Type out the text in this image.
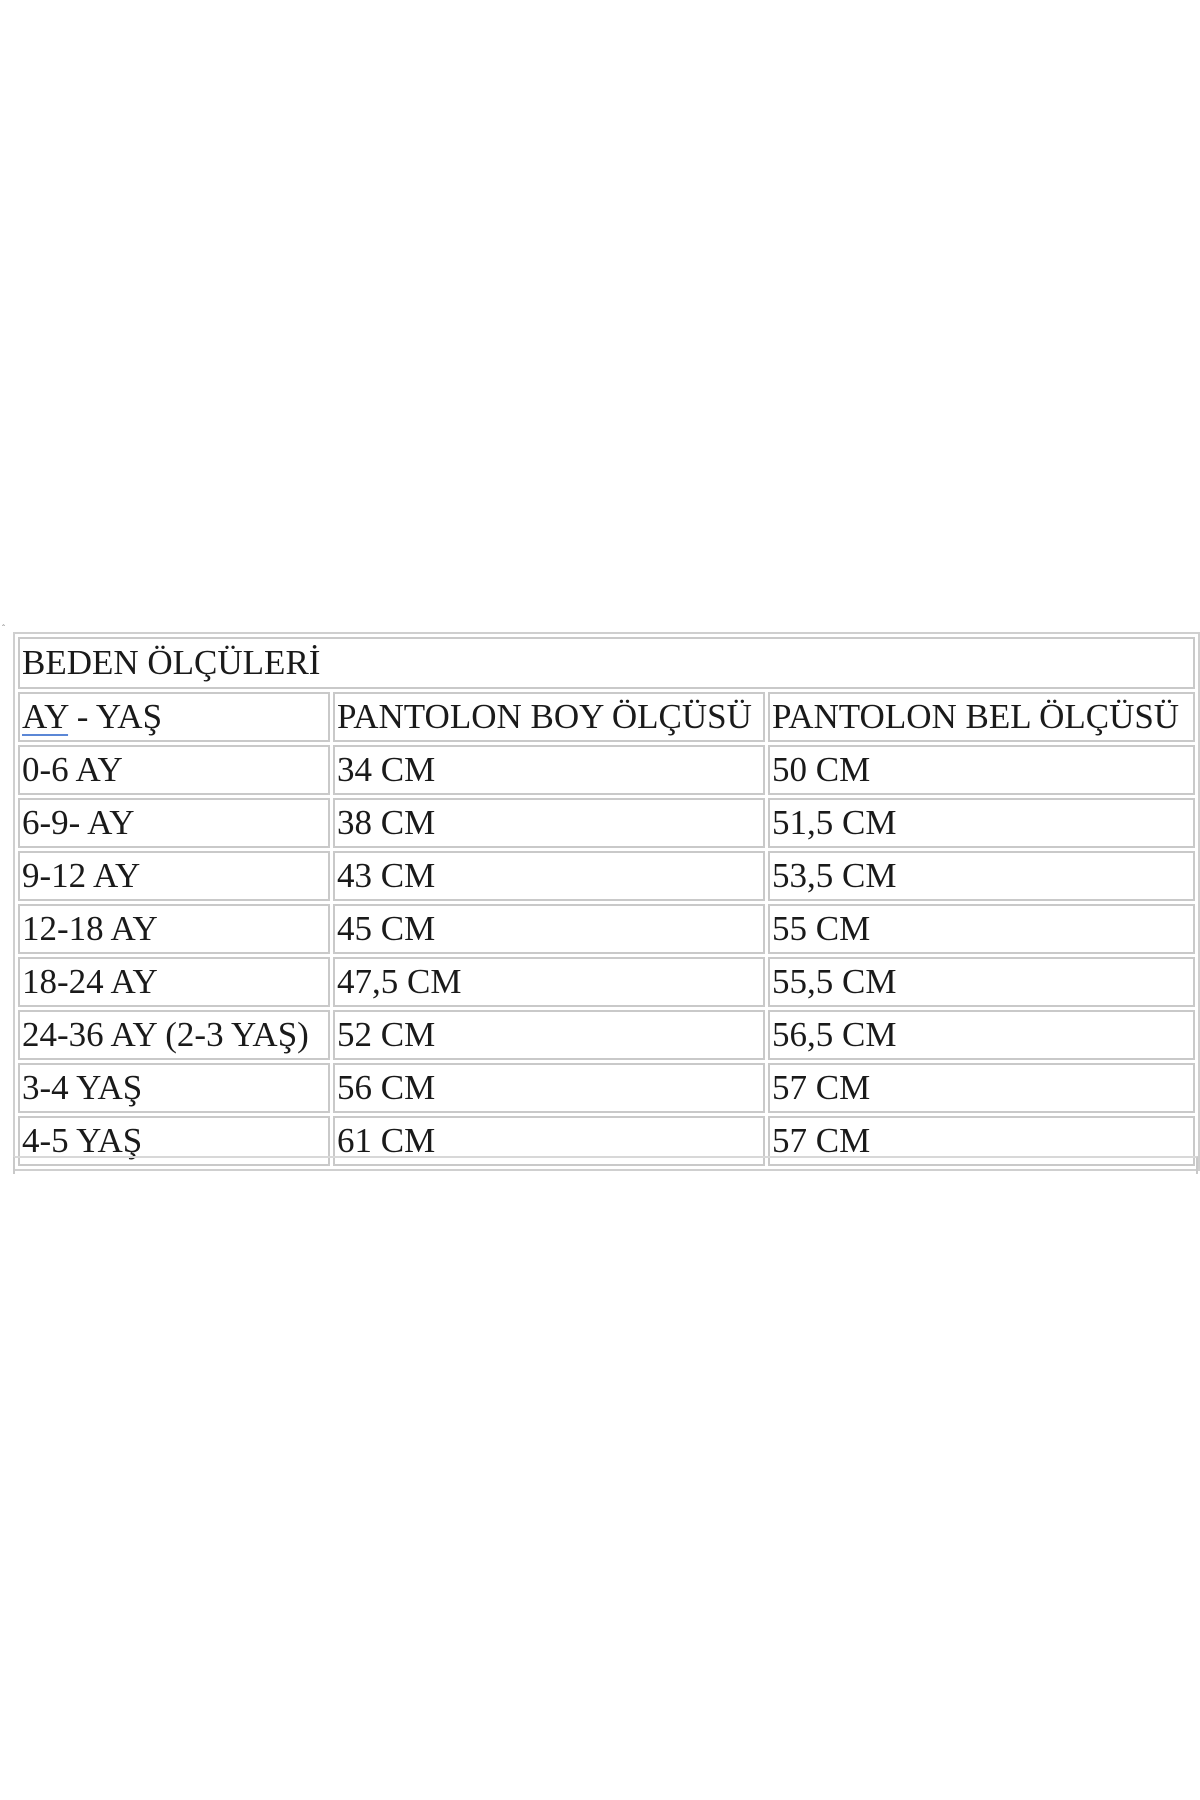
ˆ
BEDEN ÖLÇÜLERİ		
AY - YAŞ	PANTOLON BOY ÖLÇÜSÜ	PANTOLON BEL ÖLÇÜSÜ
0-6 AY	34 CM	50 CM
6-9- AY	38 CM	51,5 CM
9-12 AY	43 CM	53,5 CM
12-18 AY	45 CM	55 CM
18-24 AY	47,5 CM	55,5 CM
24-36 AY (2-3 YAŞ)	52 CM	56,5 CM
3-4 YAŞ	56 CM	57 CM
4-5 YAŞ	61 CM	57 CM
